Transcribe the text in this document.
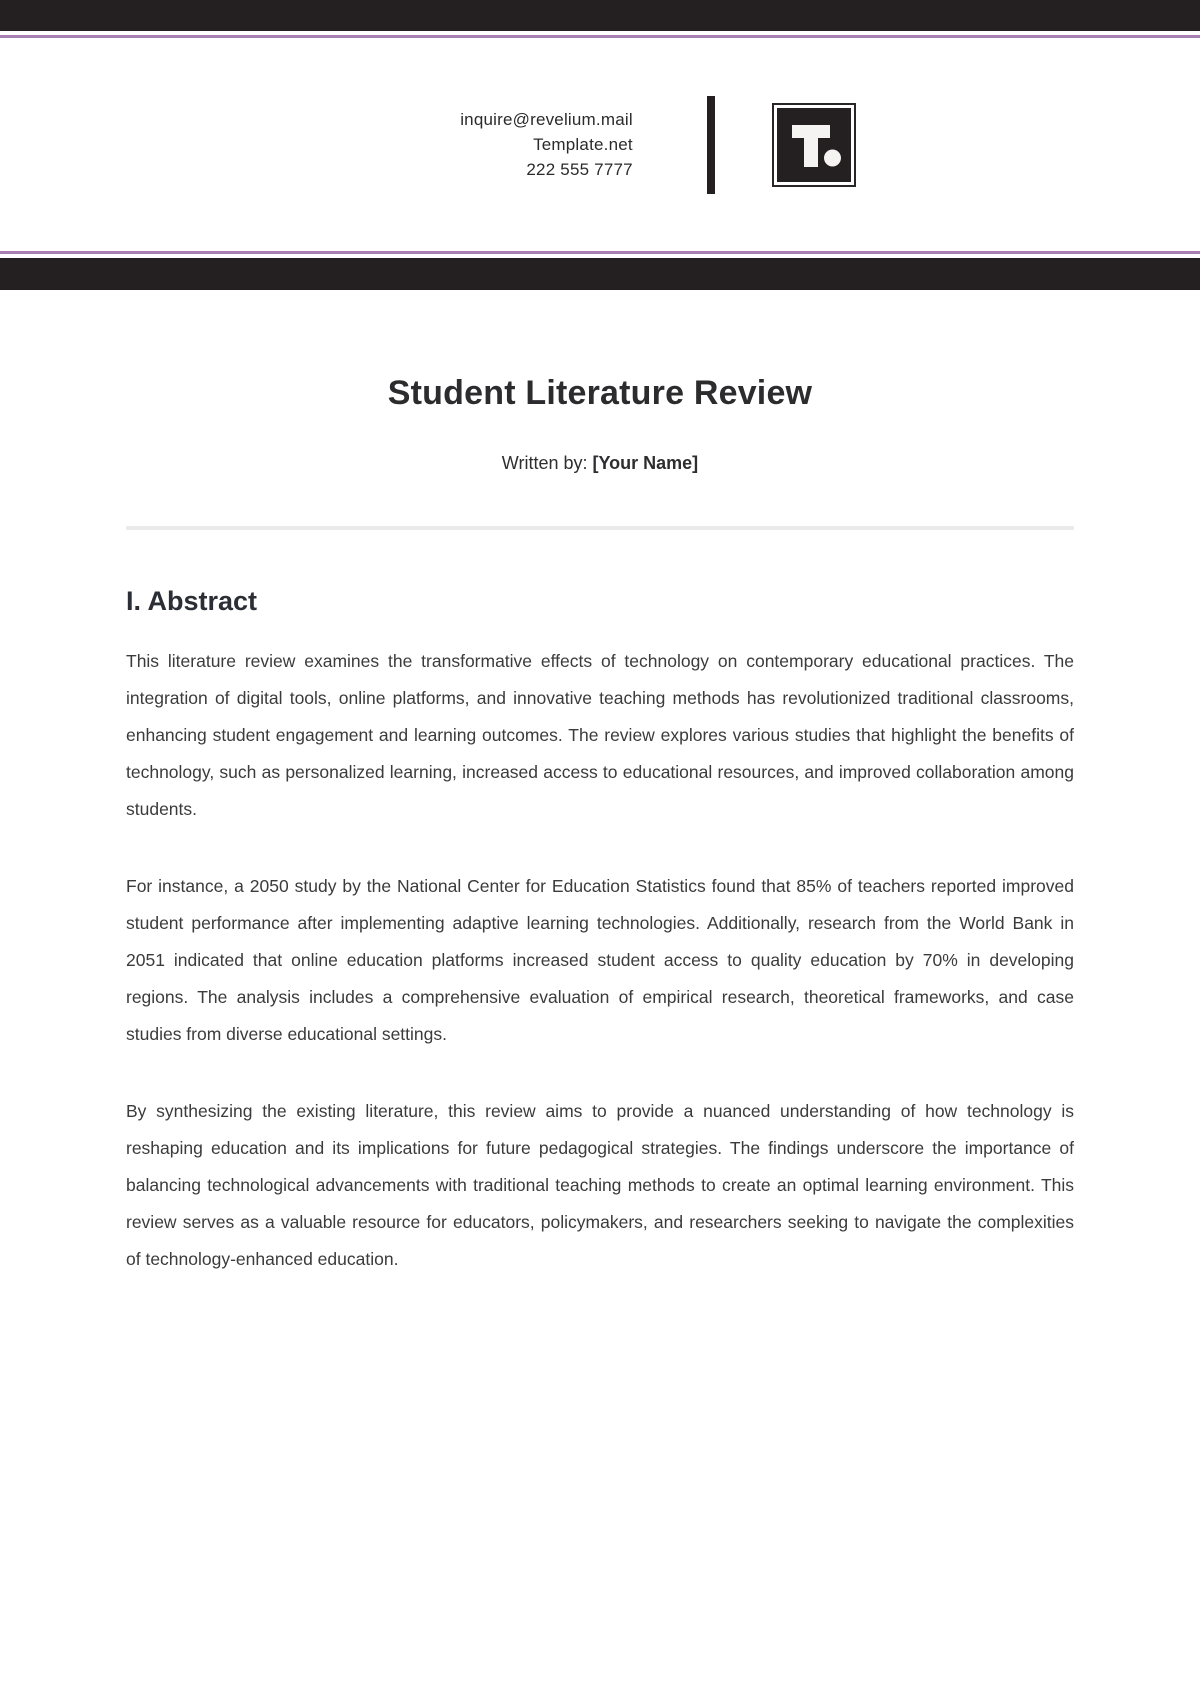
inquire@revelium.mail
Template.net
222 555 7777
Student Literature Review

Written by: [Your Name]

I. Abstract

This literature review examines the transformative effects of technology on contemporary educational practices. The integration of digital tools, online platforms, and innovative teaching methods has revolutionized traditional classrooms, enhancing student engagement and learning outcomes. The review explores various studies that highlight the benefits of technology, such as personalized learning, increased access to educational resources, and improved collaboration among students.

For instance, a 2050 study by the National Center for Education Statistics found that 85% of teachers reported improved student performance after implementing adaptive learning technologies. Additionally, research from the World Bank in 2051 indicated that online education platforms increased student access to quality education by 70% in developing regions. The analysis includes a comprehensive evaluation of empirical research, theoretical frameworks, and case studies from diverse educational settings.

By synthesizing the existing literature, this review aims to provide a nuanced understanding of how technology is reshaping education and its implications for future pedagogical strategies. The findings underscore the importance of balancing technological advancements with traditional teaching methods to create an optimal learning environment. This review serves as a valuable resource for educators, policymakers, and researchers seeking to navigate the complexities of technology-enhanced education.
